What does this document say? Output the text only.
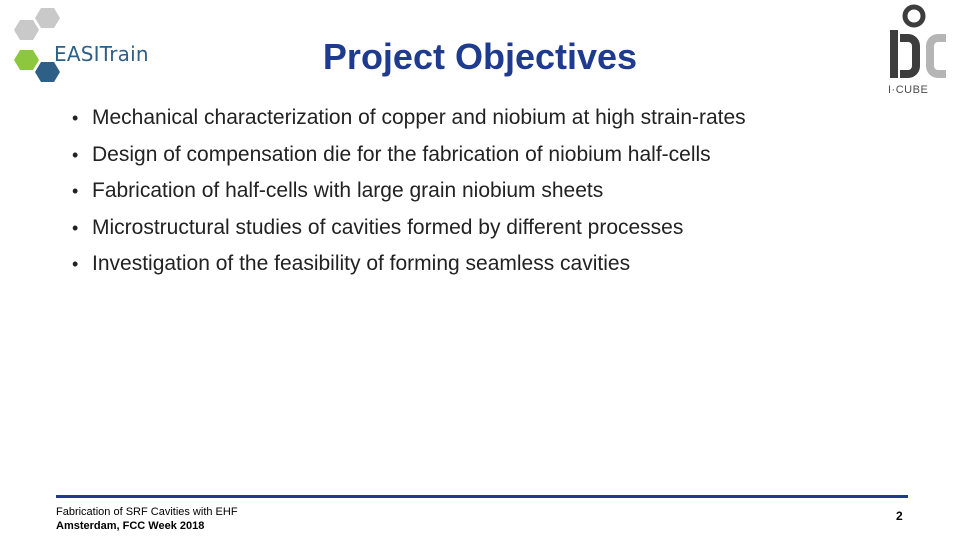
EASITrain	Project Objectives
I·CUBE
• Mechanical characterization of copper and niobium at high strain-rates
• Design of compensation die for the fabrication of niobium half-cells
• Fabrication of half-cells with large grain niobium sheets
• Microstructural studies of cavities formed by different processes
• Investigation of the feasibility of forming seamless cavities
Fabrication of SRF Cavities with EHF
Amsterdam, FCC Week 2018
2
